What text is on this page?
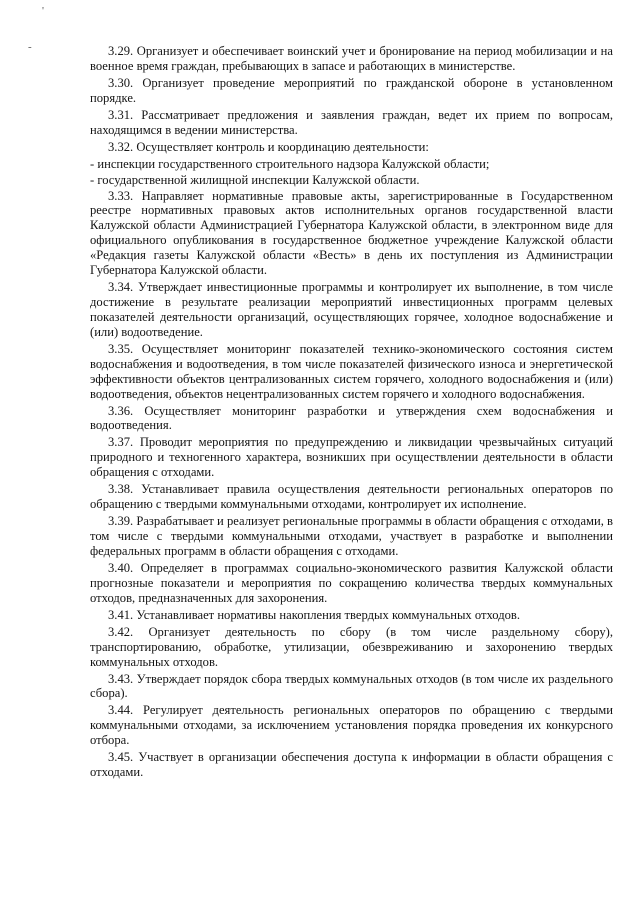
'
-	3.29. Организует и обеспечивает воинский учет и бронирование на период мобилизации и на военное время граждан, пребывающих в запасе и работающих в министерстве.

3.30. Организует проведение мероприятий по гражданской обороне в установленном порядке.

3.31. Рассматривает предложения и заявления граждан, ведет их прием по вопросам, находящимся в ведении министерства.

3.32. Осуществляет контроль и координацию деятельности:

- инспекции государственного строительного надзора Калужской области;

- государственной жилищной инспекции Калужской области.

3.33. Направляет нормативные правовые акты, зарегистрированные в Государственном реестре нормативных правовых актов исполнительных органов государственной власти Калужской области Администрацией Губернатора Калужской области, в электронном виде для официального опубликования в государственное бюджетное учреждение Калужской области «Редакция газеты Калужской области «Весть» в день их поступления из Администрации Губернатора Калужской области.

3.34. Утверждает инвестиционные программы и контролирует их выполнение, в том числе достижение в результате реализации мероприятий инвестиционных программ целевых показателей деятельности организаций, осуществляющих горячее, холодное водоснабжение и (или) водоотведение.

3.35. Осуществляет мониторинг показателей технико-экономического состояния систем водоснабжения и водоотведения, в том числе показателей физического износа и энергетической эффективности объектов централизованных систем горячего, холодного водоснабжения и (или) водоотведения, объектов нецентрализованных систем горячего и холодного водоснабжения.

3.36. Осуществляет мониторинг разработки и утверждения схем водоснабжения и водоотведения.

3.37. Проводит мероприятия по предупреждению и ликвидации чрезвычайных ситуаций природного и техногенного характера, возникших при осуществлении деятельности в области обращения с отходами.

3.38. Устанавливает правила осуществления деятельности региональных операторов по обращению с твердыми коммунальными отходами, контролирует их исполнение.

3.39. Разрабатывает и реализует региональные программы в области обращения с отходами, в том числе с твердыми коммунальными отходами, участвует в разработке и выполнении федеральных программ в области обращения с отходами.

3.40. Определяет в программах социально-экономического развития Калужской области прогнозные показатели и мероприятия по сокращению количества твердых коммунальных отходов, предназначенных для захоронения.

3.41. Устанавливает нормативы накопления твердых коммунальных отходов.

3.42. Организует деятельность по сбору (в том числе раздельному сбору), транспортированию, обработке, утилизации, обезвреживанию и захоронению твердых коммунальных отходов.

3.43. Утверждает порядок сбора твердых коммунальных отходов (в том числе их раздельного сбора).

3.44. Регулирует деятельность региональных операторов по обращению с твердыми коммунальными отходами, за исключением установления порядка проведения их конкурсного отбора.

3.45. Участвует в организации обеспечения доступа к информации в области обращения с отходами.
